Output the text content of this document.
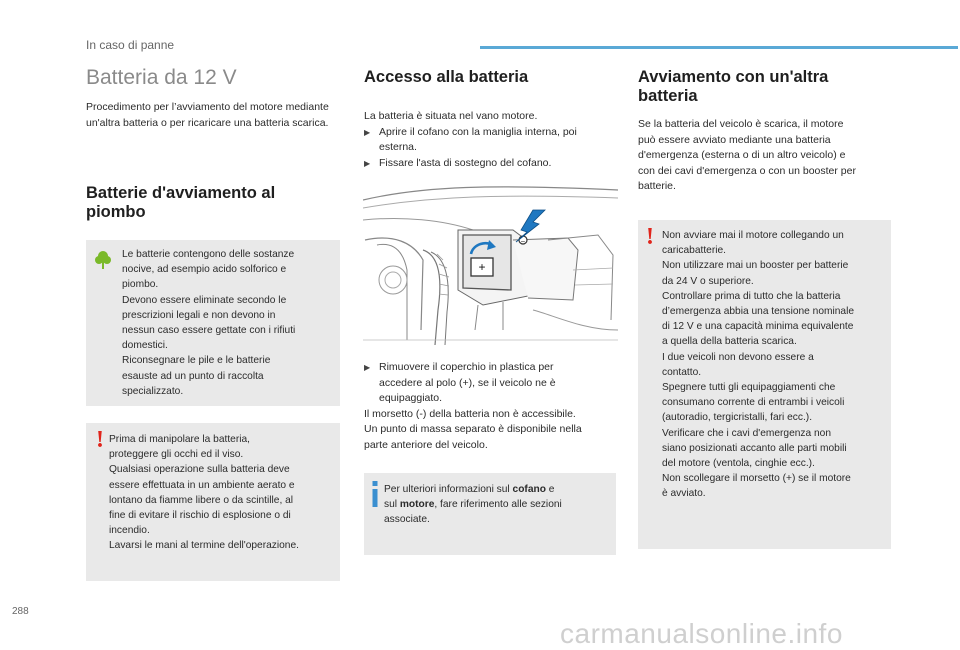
In caso di panne
Batteria da 12 V
Procedimento per l’avviamento del motore mediante un'altra batteria o per ricaricare una batteria scarica.
Batterie d'avviamento al
piombo
Le batterie contengono delle sostanze
nocive, ad esempio acido solforico e
piombo.
Devono essere eliminate secondo le
prescrizioni legali e non devono in
nessun caso essere gettate con i rifiuti
domestici.
Riconsegnare le pile e le batterie
esauste ad un punto di raccolta
specializzato.
! Prima di manipolare la batteria,
proteggere gli occhi ed il viso.
Qualsiasi operazione sulla batteria deve
essere effettuata in un ambiente aerato e
lontano da fiamme libere o da scintille, al
fine di evitare il rischio di esplosione o di
incendio.
Lavarsi le mani al termine dell'operazione.
Accesso alla batteria
La batteria è situata nel vano motore.
▶ Aprire il cofano con la maniglia interna, poi
esterna.
▶ Fissare l'asta di sostegno del cofano.
+
–
▶ Rimuovere il coperchio in plastica per
accedere al polo (+), se il veicolo ne è
equipaggiato.
Il morsetto (-) della batteria non è accessibile.
Un punto di massa separato è disponibile nella
parte anteriore del veicolo.
Per ulteriori informazioni sul cofano e
sul motore, fare riferimento alle sezioni
associate.
Avviamento con un'altra
batteria
Se la batteria del veicolo è scarica, il motore
può essere avviato mediante una batteria
d'emergenza (esterna o di un altro veicolo) e
con dei cavi d'emergenza o con un booster per
batterie.
! Non avviare mai il motore collegando un
caricabatterie.
Non utilizzare mai un booster per batterie
da 24 V o superiore.
Controllare prima di tutto che la batteria
d’emergenza abbia una tensione nominale
di 12 V e una capacità minima equivalente
a quella della batteria scarica.
I due veicoli non devono essere a
contatto.
Spegnere tutti gli equipaggiamenti che
consumano corrente di entrambi i veicoli
(autoradio, tergicristalli, fari ecc.).
Verificare che i cavi d'emergenza non
siano posizionati accanto alle parti mobili
del motore (ventola, cinghie ecc.).
Non scollegare il morsetto (+) se il motore
è avviato.
288
carmanualsonline.info
